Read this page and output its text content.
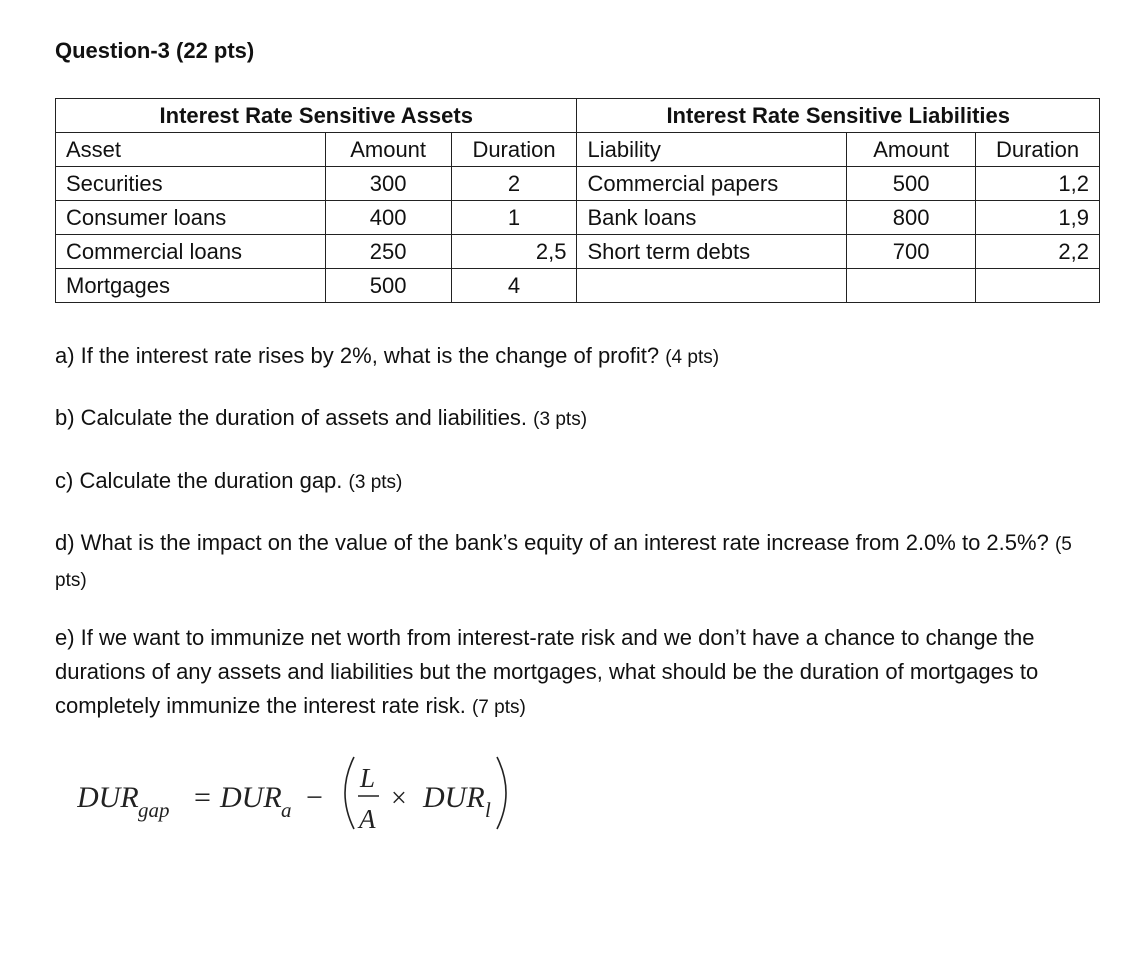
Question-3 (22 pts)
Interest Rate Sensitive Assets			Interest Rate Sensitive Liabilities		
Asset	Amount	Duration	Liability	Amount	Duration
Securities	300	2	Commercial papers	500	1,2
Consumer loans	400	1	Bank loans	800	1,9
Commercial loans	250	2,5	Short term debts	700	2,2
Mortgages	500	4			
a) If the interest rate rises by 2%, what is the change of profit? (4 pts)
b) Calculate the duration of assets and liabilities. (3 pts)
c) Calculate the duration gap. (3 pts)
d) What is the impact on the value of the bank’s equity of an interest rate increase from 2.0% to 2.5%? (5 pts)
e) If we want to immunize net worth from interest-rate risk and we don’t have a chance to change the durations of any assets and liabilities but the mortgages, what should be the duration of mortgages to completely immunize the interest rate risk. (7 pts)
DUR gap = DUR a −
L
A
× DUR l
